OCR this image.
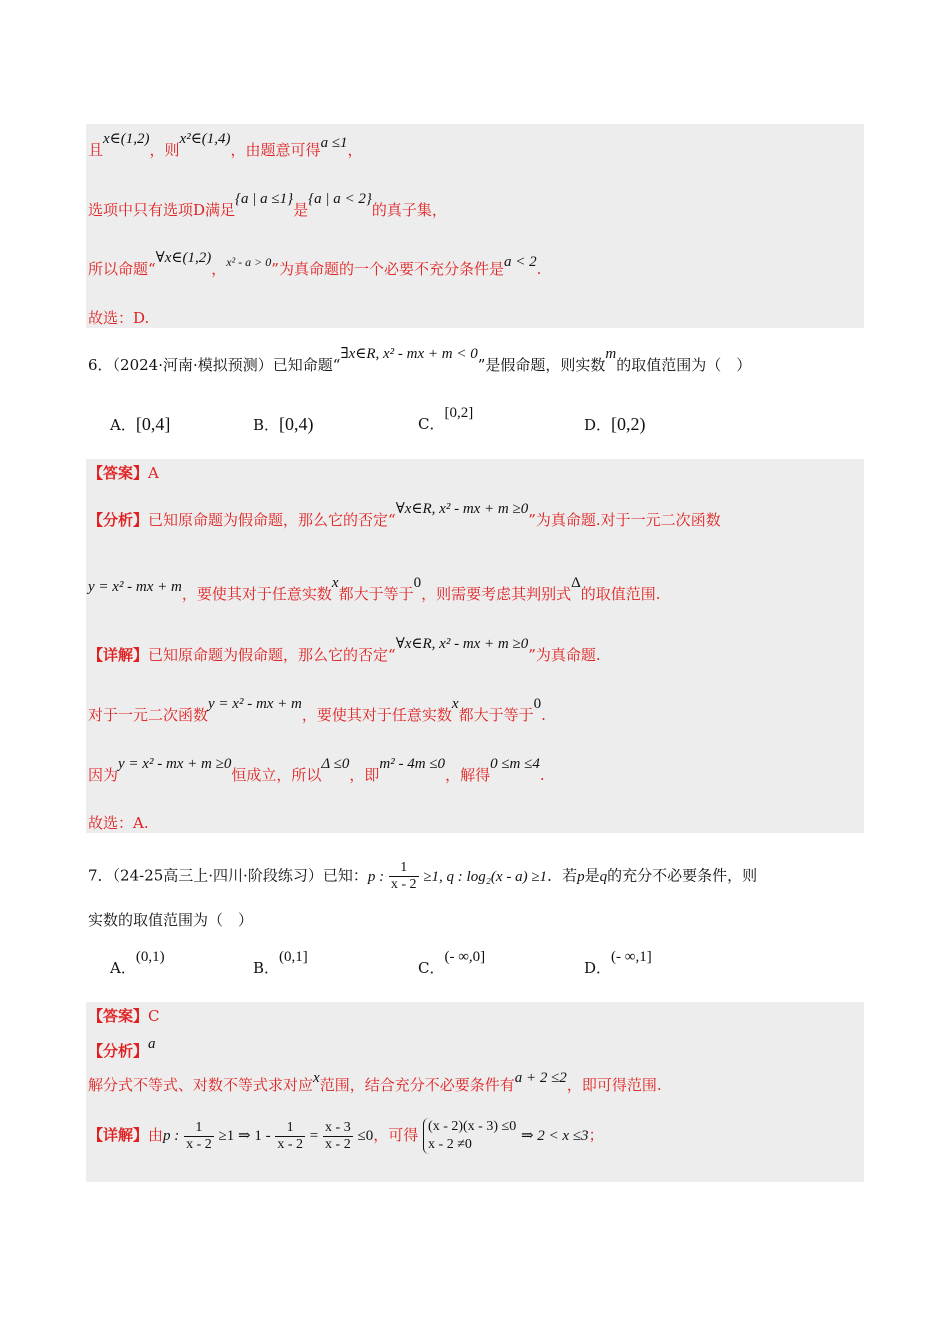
且x∈(1,2)，则x²∈(1,4)，由题意可得a ≤1，
选项中只有选项D满足{a | a ≤1}是{a | a < 2}的真子集，
所以命题“∀x∈(1,2)，x² - a > 0”为真命题的一个必要不充分条件是a < 2.
故选：D.
6．（2024·河南·模拟预测）已知命题“∃x∈R, x² - mx + m < 0”是假命题，则实数m的取值范围为（　）
A．[0,4]	B．[0,4)	C．[0,2]
D．[0,2)
【答案】A
【分析】已知原命题为假命题，那么它的否定“∀x∈R, x² - mx + m ≥0”为真命题.对于一元二次函数
y = x² - mx + m，要使其对于任意实数x都大于等于0，则需要考虑其判别式Δ的取值范围.
【详解】已知原命题为假命题，那么它的否定“∀x∈R, x² - mx + m ≥0”为真命题.
对于一元二次函数y = x² - mx + m，要使其对于任意实数x都大于等于0.
因为y = x² - mx + m ≥0恒成立，所以Δ ≤0，即m² - 4m ≤0，解得0 ≤m ≤4.
故选：A.
7．（24-25高三上·四川·阶段练习）已知：p : $\frac{1}{x - 2} \ge 1$, q : log₂(x - a) ≥1．若p是q的充分不必要条件，则
实数的取值范围为（　）
A．(0,1)
B．(0,1]
C．(- ∞,0]
D．(- ∞,1]
【答案】C
【分析】a
解分式不等式、对数不等式求对应x范围，结合充分不必要条件有a + 2 ≤2，即可得范围.
【详解】由p : $\frac{1}{x - 2} \ge 1$ ⇒ $1 - \frac{1}{x - 2} = \frac{x - 3}{x - 2} \le 0$，可得 (x - 2)(x - 3) ≤0
x - 2 ≠0
⇒ 2 < x ≤3；
